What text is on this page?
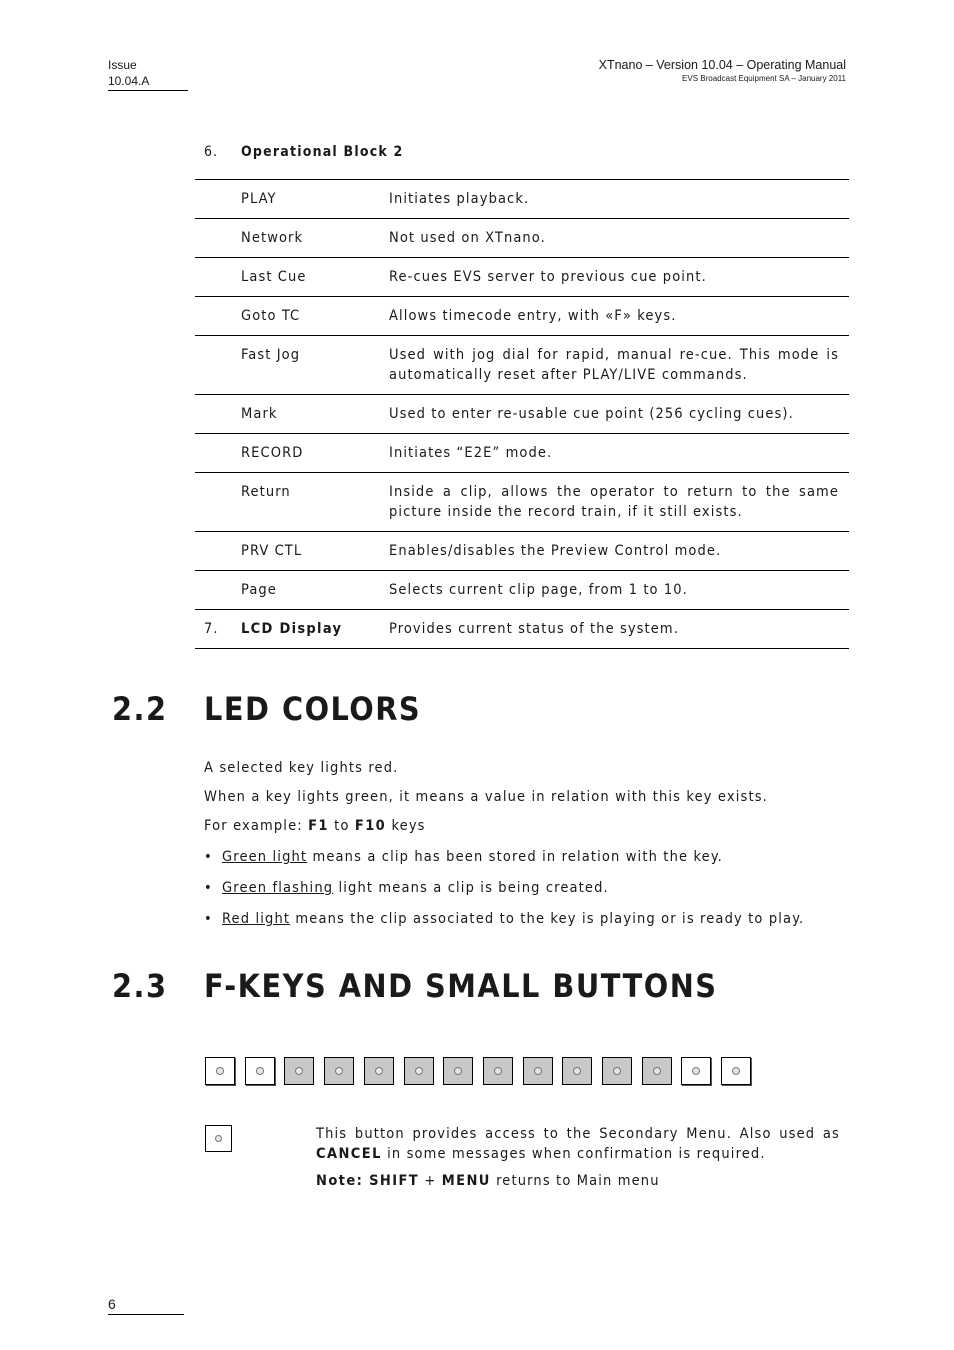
Issue
10.04.A
XTnano – Version 10.04 – Operating Manual
EVS Broadcast Equipment SA – January 2011
6. Operational Block 2
	PLAY	Initiates playback.
	Network	Not used on XTnano.
	Last Cue	Re-cues EVS server to previous cue point.
	Goto TC	Allows timecode entry, with «F» keys.
	Fast Jog	Used with jog dial for rapid, manual re-cue. This mode is automatically reset after PLAY/LIVE commands.
	Mark	Used to enter re-usable cue point (256 cycling cues).
	RECORD	Initiates “E2E” mode.
	Return	Inside a clip, allows the operator to return to the same picture inside the record train, if it still exists.
	PRV CTL	Enables/disables the Preview Control mode.
	Page	Selects current clip page, from 1 to 10.
7.	LCD Display	Provides current status of the system.
2.2 LED COLORS
A selected key lights red.
When a key lights green, it means a value in relation with this key exists.
For example: F1 to F10 keys
• Green light means a clip has been stored in relation with the key.
• Green flashing light means a clip is being created.
• Red light means the clip associated to the key is playing or is ready to play.
2.3 F-KEYS AND SMALL BUTTONS
This button provides access to the Secondary Menu. Also used as CANCEL in some messages when confirmation is required.
Note: SHIFT + MENU returns to Main menu
6
